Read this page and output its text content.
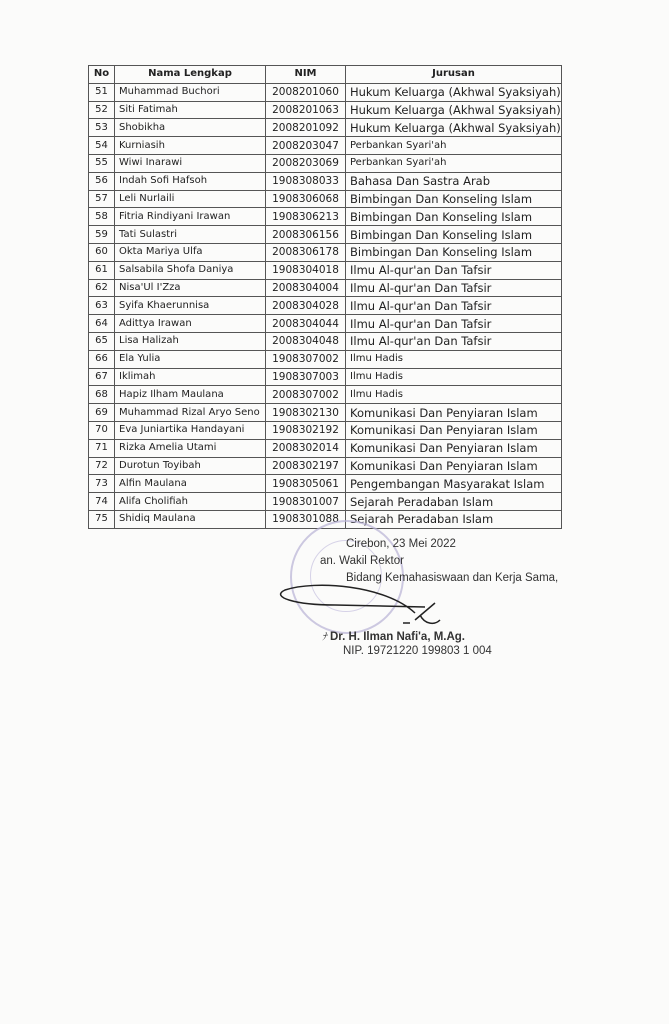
No	Nama Lengkap	NIM	Jurusan
51	Muhammad Buchori	2008201060	Hukum Keluarga (Akhwal Syaksiyah)
52	Siti Fatimah	2008201063	Hukum Keluarga (Akhwal Syaksiyah)
53	Shobikha	2008201092	Hukum Keluarga (Akhwal Syaksiyah)
54	Kurniasih	2008203047	Perbankan Syari'ah
55	Wiwi Inarawi	2008203069	Perbankan Syari'ah
56	Indah Sofi Hafsoh	1908308033	Bahasa Dan Sastra Arab
57	Leli Nurlaili	1908306068	Bimbingan Dan Konseling Islam
58	Fitria Rindiyani Irawan	1908306213	Bimbingan Dan Konseling Islam
59	Tati Sulastri	2008306156	Bimbingan Dan Konseling Islam
60	Okta Mariya Ulfa	2008306178	Bimbingan Dan Konseling Islam
61	Salsabila Shofa Daniya	1908304018	Ilmu Al-qur'an Dan Tafsir
62	Nisa'Ul I'Zza	2008304004	Ilmu Al-qur'an Dan Tafsir
63	Syifa Khaerunnisa	2008304028	Ilmu Al-qur'an Dan Tafsir
64	Adittya Irawan	2008304044	Ilmu Al-qur'an Dan Tafsir
65	Lisa Halizah	2008304048	Ilmu Al-qur'an Dan Tafsir
66	Ela Yulia	1908307002	Ilmu Hadis
67	Iklimah	1908307003	Ilmu Hadis
68	Hapiz Ilham Maulana	2008307002	Ilmu Hadis
69	Muhammad Rizal Aryo Seno	1908302130	Komunikasi Dan Penyiaran Islam
70	Eva Juniartika Handayani	1908302192	Komunikasi Dan Penyiaran Islam
71	Rizka Amelia Utami	2008302014	Komunikasi Dan Penyiaran Islam
72	Durotun Toyibah	2008302197	Komunikasi Dan Penyiaran Islam
73	Alfin Maulana	1908305061	Pengembangan Masyarakat Islam
74	Alifa Cholifiah	1908301007	Sejarah Peradaban Islam
75	Shidiq Maulana	1908301088	Sejarah Peradaban Islam
Cirebon, 23 Mei 2022
an. Wakil Rektor
Bidang Kemahasiswaan dan Kerja Sama,
ﾅ Dr. H. Ilman Nafi'a, M.Ag.
NIP. 19721220 199803 1 004
